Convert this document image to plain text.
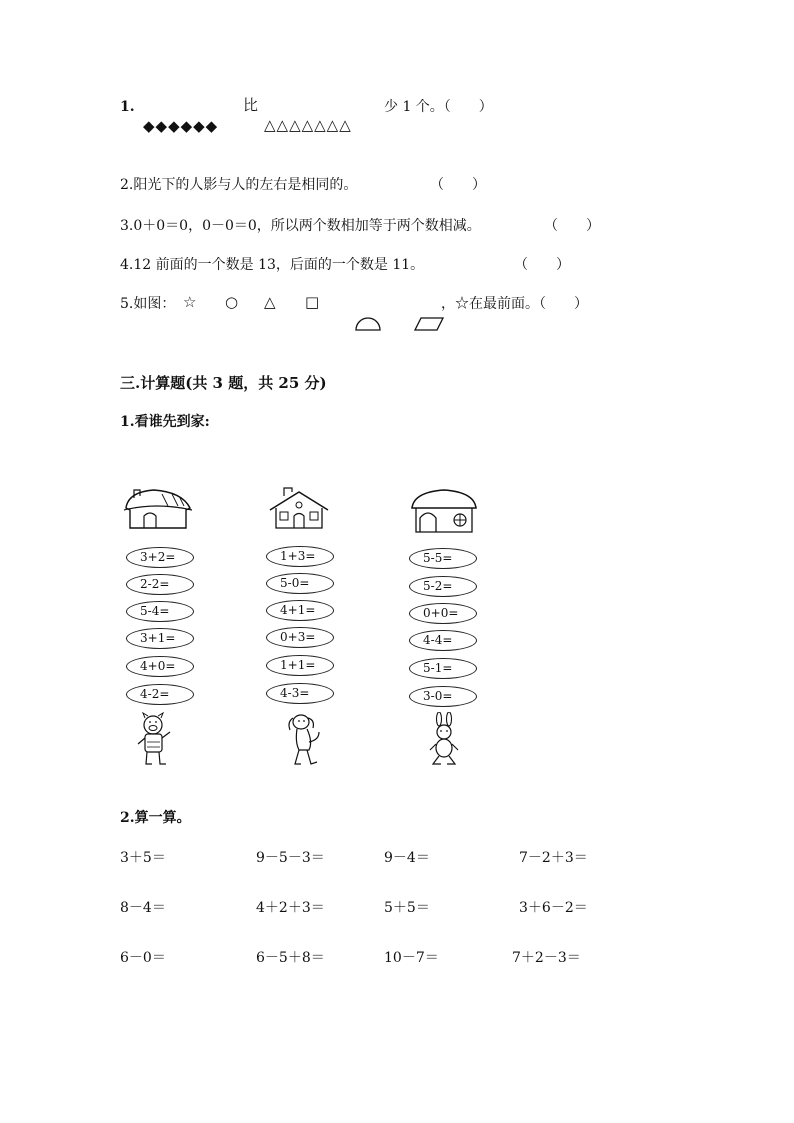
1.	比	少 1 个。（　　）
◆◆◆◆◆◆	△△△△△△△
2.阳光下的人影与人的左右是相同的。	（　　）
3.0＋0＝0，0－0＝0，所以两个数相加等于两个数相减。	（　　）
4.12 前面的一个数是 13，后面的一个数是 11。	（　　）
5.如图： ☆ ○ △ □	，☆在最前面。（　　）
三.计算题(共 3 题，共 25 分)
1.看谁先到家:
3+2=
2-2=
5-4=
3+1=
4+0=
4-2=
1+3=
5-0=
4+1=
0+3=
1+1=
4-3=
5-5=
5-2=
0+0=
4-4=
5-1=
3-0=
2.算一算。
3＋5＝	9－5－3＝	9－4＝	7－2＋3＝
8－4＝	4＋2＋3＝	5＋5＝	3＋6－2＝
6－0＝	6－5＋8＝	10－7＝	7＋2－3＝
